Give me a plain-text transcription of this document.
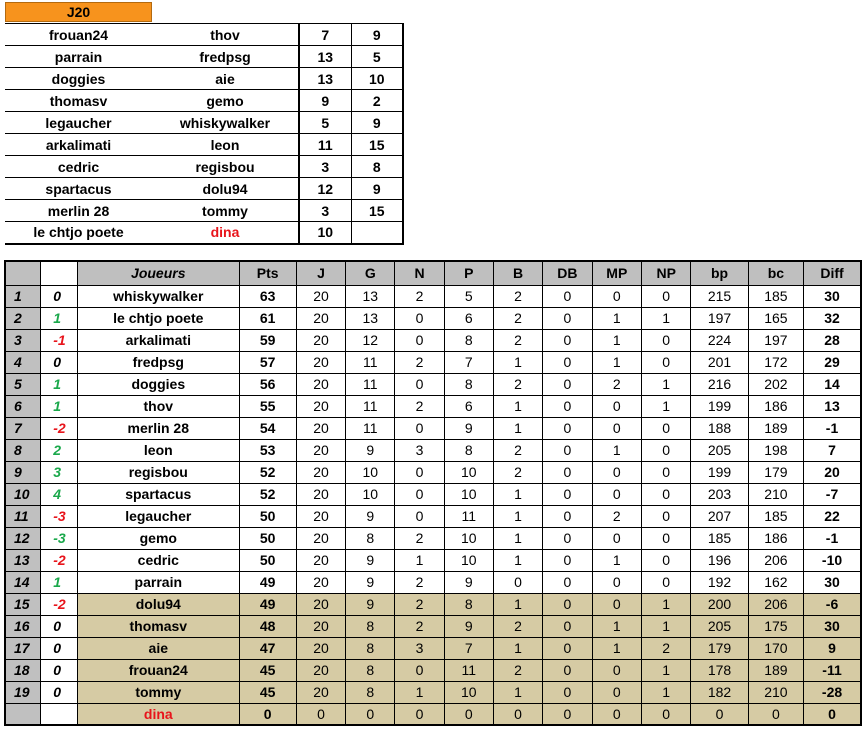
J20
frouan24	thov	7	9
parrain	fredpsg	13	5
doggies	aie	13	10
thomasv	gemo	9	2
legaucher	whiskywalker	5	9
arkalimati	leon	11	15
cedric	regisbou	3	8
spartacus	dolu94	12	9
merlin 28	tommy	3	15
le chtjo poete	dina	10	
		Joueurs	Pts	J	G	N	P	B	DB	MP	NP	bp	bc	Diff
1	0	whiskywalker	63	20	13	2	5	2	0	0	0	215	185	30
2	1	le chtjo poete	61	20	13	0	6	2	0	1	1	197	165	32
3	-1	arkalimati	59	20	12	0	8	2	0	1	0	224	197	28
4	0	fredpsg	57	20	11	2	7	1	0	1	0	201	172	29
5	1	doggies	56	20	11	0	8	2	0	2	1	216	202	14
6	1	thov	55	20	11	2	6	1	0	0	1	199	186	13
7	-2	merlin 28	54	20	11	0	9	1	0	0	0	188	189	-1
8	2	leon	53	20	9	3	8	2	0	1	0	205	198	7
9	3	regisbou	52	20	10	0	10	2	0	0	0	199	179	20
10	4	spartacus	52	20	10	0	10	1	0	0	0	203	210	-7
11	-3	legaucher	50	20	9	0	11	1	0	2	0	207	185	22
12	-3	gemo	50	20	8	2	10	1	0	0	0	185	186	-1
13	-2	cedric	50	20	9	1	10	1	0	1	0	196	206	-10
14	1	parrain	49	20	9	2	9	0	0	0	0	192	162	30
15	-2	dolu94	49	20	9	2	8	1	0	0	1	200	206	-6
16	0	thomasv	48	20	8	2	9	2	0	1	1	205	175	30
17	0	aie	47	20	8	3	7	1	0	1	2	179	170	9
18	0	frouan24	45	20	8	0	11	2	0	0	1	178	189	-11
19	0	tommy	45	20	8	1	10	1	0	0	1	182	210	-28
		dina	0	0	0	0	0	0	0	0	0	0	0	0
